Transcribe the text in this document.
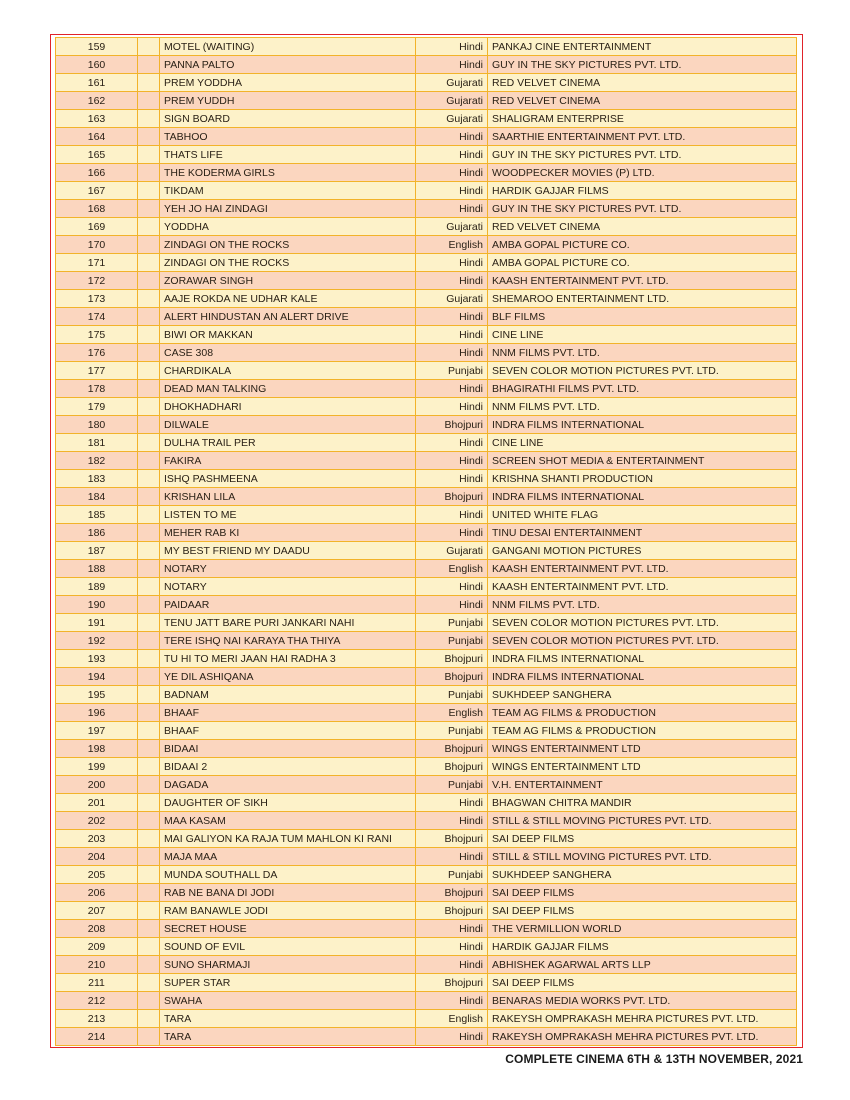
159		MOTEL (WAITING)	Hindi	PANKAJ CINE ENTERTAINMENT
160		PANNA PALTO	Hindi	GUY IN THE SKY PICTURES PVT. LTD.
161		PREM YODDHA	Gujarati	RED VELVET CINEMA
162		PREM YUDDH	Gujarati	RED VELVET CINEMA
163		SIGN BOARD	Gujarati	SHALIGRAM ENTERPRISE
164		TABHOO	Hindi	SAARTHIE ENTERTAINMENT PVT. LTD.
165		THATS LIFE	Hindi	GUY IN THE SKY PICTURES PVT. LTD.
166		THE KODERMA GIRLS	Hindi	WOODPECKER MOVIES (P) LTD.
167		TIKDAM	Hindi	HARDIK GAJJAR FILMS
168		YEH JO HAI ZINDAGI	Hindi	GUY IN THE SKY PICTURES PVT. LTD.
169		YODDHA	Gujarati	RED VELVET CINEMA
170		ZINDAGI ON THE ROCKS	English	AMBA GOPAL PICTURE CO.
171		ZINDAGI ON THE ROCKS	Hindi	AMBA GOPAL PICTURE CO.
172		ZORAWAR SINGH	Hindi	KAASH ENTERTAINMENT PVT. LTD.
173		AAJE ROKDA NE UDHAR KALE	Gujarati	SHEMAROO ENTERTAINMENT LTD.
174		ALERT HINDUSTAN AN ALERT DRIVE	Hindi	BLF FILMS
175		BIWI OR MAKKAN	Hindi	CINE LINE
176		CASE 308	Hindi	NNM FILMS PVT. LTD.
177		CHARDIKALA	Punjabi	SEVEN COLOR MOTION PICTURES PVT. LTD.
178		DEAD MAN TALKING	Hindi	BHAGIRATHI FILMS PVT. LTD.
179		DHOKHADHARI	Hindi	NNM FILMS PVT. LTD.
180		DILWALE	Bhojpuri	INDRA FILMS INTERNATIONAL
181		DULHA TRAIL PER	Hindi	CINE LINE
182		FAKIRA	Hindi	SCREEN SHOT MEDIA & ENTERTAINMENT
183		ISHQ PASHMEENA	Hindi	KRISHNA SHANTI PRODUCTION
184		KRISHAN LILA	Bhojpuri	INDRA FILMS INTERNATIONAL
185		LISTEN TO ME	Hindi	UNITED WHITE FLAG
186		MEHER RAB KI	Hindi	TINU DESAI ENTERTAINMENT
187		MY BEST FRIEND MY DAADU	Gujarati	GANGANI MOTION PICTURES
188		NOTARY	English	KAASH ENTERTAINMENT PVT. LTD.
189		NOTARY	Hindi	KAASH ENTERTAINMENT PVT. LTD.
190		PAIDAAR	Hindi	NNM FILMS PVT. LTD.
191		TENU JATT BARE PURI JANKARI NAHI	Punjabi	SEVEN COLOR MOTION PICTURES PVT. LTD.
192		TERE ISHQ NAI KARAYA THA THIYA	Punjabi	SEVEN COLOR MOTION PICTURES PVT. LTD.
193		TU HI TO MERI JAAN HAI RADHA 3	Bhojpuri	INDRA FILMS INTERNATIONAL
194		YE DIL ASHIQANA	Bhojpuri	INDRA FILMS INTERNATIONAL
195		BADNAM	Punjabi	SUKHDEEP SANGHERA
196		BHAAF	English	TEAM AG FILMS & PRODUCTION
197		BHAAF	Punjabi	TEAM AG FILMS & PRODUCTION
198		BIDAAI	Bhojpuri	WINGS ENTERTAINMENT LTD
199		BIDAAI 2	Bhojpuri	WINGS ENTERTAINMENT LTD
200		DAGADA	Punjabi	V.H. ENTERTAINMENT
201		DAUGHTER OF SIKH	Hindi	BHAGWAN CHITRA MANDIR
202		MAA KASAM	Hindi	STILL & STILL MOVING PICTURES PVT. LTD.
203		MAI GALIYON KA RAJA TUM MAHLON KI RANI	Bhojpuri	SAI DEEP FILMS
204		MAJA MAA	Hindi	STILL & STILL MOVING PICTURES PVT. LTD.
205		MUNDA SOUTHALL DA	Punjabi	SUKHDEEP SANGHERA
206		RAB NE BANA DI JODI	Bhojpuri	SAI DEEP FILMS
207		RAM BANAWLE JODI	Bhojpuri	SAI DEEP FILMS
208		SECRET HOUSE	Hindi	THE VERMILLION WORLD
209		SOUND OF EVIL	Hindi	HARDIK GAJJAR FILMS
210		SUNO SHARMAJI	Hindi	ABHISHEK AGARWAL ARTS LLP
211		SUPER STAR	Bhojpuri	SAI DEEP FILMS
212		SWAHA	Hindi	BENARAS MEDIA WORKS PVT. LTD.
213		TARA	English	RAKEYSH OMPRAKASH MEHRA PICTURES PVT. LTD.
214		TARA	Hindi	RAKEYSH OMPRAKASH MEHRA PICTURES PVT. LTD.
COMPLETE CINEMA 6TH & 13TH NOVEMBER, 2021
